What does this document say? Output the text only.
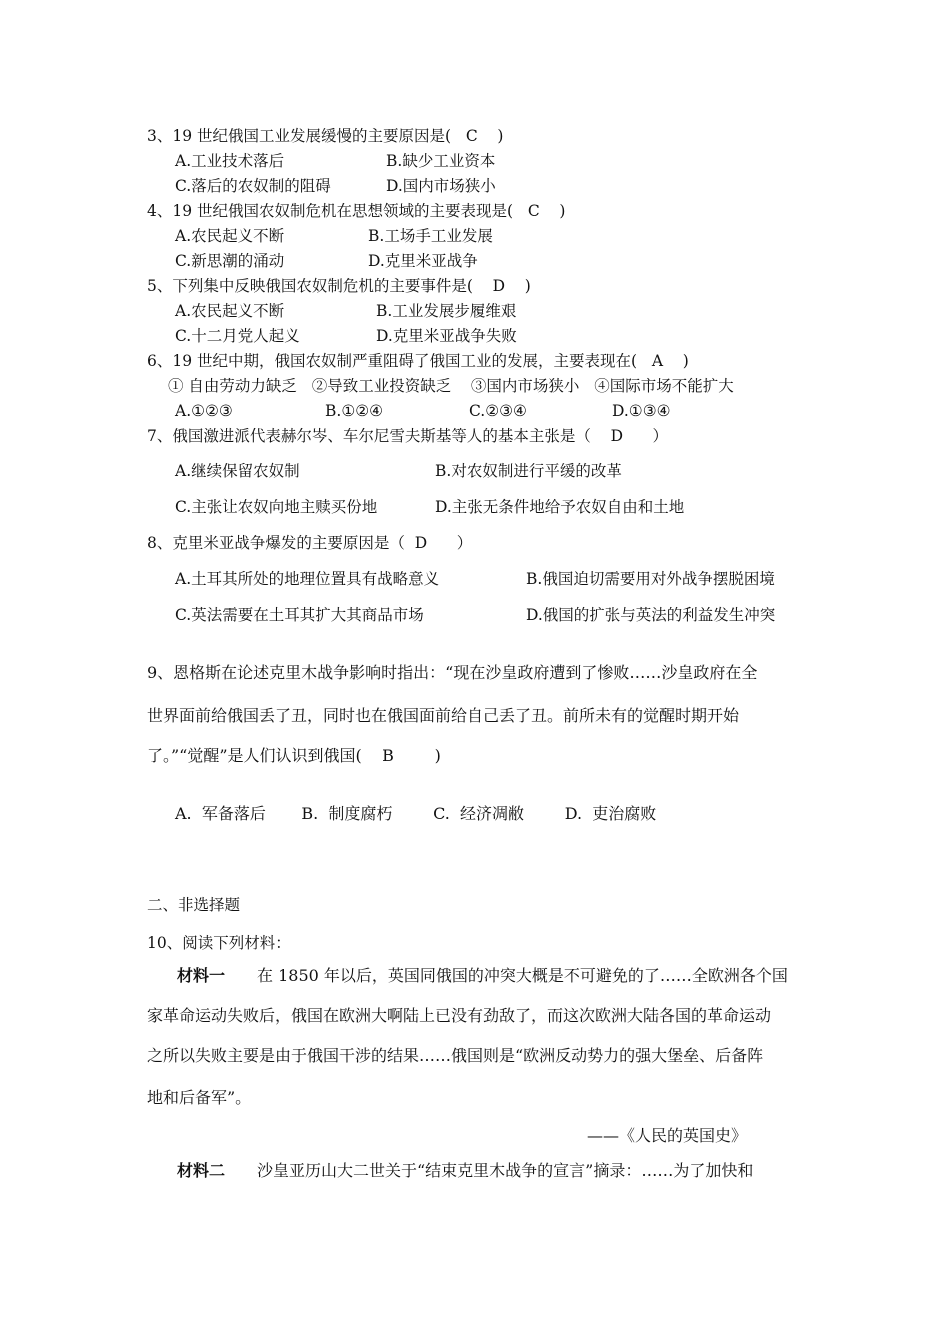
3、19 世纪俄国工业发展缓慢的主要原因是(   C    )
A.工业技术落后	B.缺少工业资本
C.落后的农奴制的阻碍	D.国内市场狭小
4、19 世纪俄国农奴制危机在思想领域的主要表现是(   C    )
A.农民起义不断	B.工场手工业发展
C.新思潮的涌动	D.克里米亚战争
5、下列集中反映俄国农奴制危机的主要事件是(    D    )
A.农民起义不断	B.工业发展步履维艰
C.十二月党人起义	D.克里米亚战争失败
6、19 世纪中期，俄国农奴制严重阻碍了俄国工业的发展，主要表现在(   A    )
① 自由劳动力缺乏   ②导致工业投资缺乏    ③国内市场狭小   ④国际市场不能扩大
A.①②③	B.①②④	C.②③④	D.①③④
7、俄国激进派代表赫尔岑、车尔尼雪夫斯基等人的基本主张是（    D      ）
A.继续保留农奴制	B.对农奴制进行平缓的改革
C.主张让农奴向地主赎买份地	D.主张无条件地给予农奴自由和土地
8、克里米亚战争爆发的主要原因是（  D      ）
A.土耳其所处的地理位置具有战略意义	B.俄国迫切需要用对外战争摆脱困境
C.英法需要在土耳其扩大其商品市场	D.俄国的扩张与英法的利益发生冲突
9、恩格斯在论述克里木战争影响时指出：“现在沙皇政府遭到了惨败……沙皇政府在全
世界面前给俄国丢了丑，同时也在俄国面前给自己丢了丑。前所未有的觉醒时期开始
了。”“觉醒”是人们认识到俄国(    B        )
A.  军备落后       B.  制度腐朽        C.  经济凋敝        D.  吏治腐败
二、非选择题
10、阅读下列材料：
材料一 在 1850 年以后，英国同俄国的冲突大概是不可避免的了……全欧洲各个国
家革命运动失败后，俄国在欧洲大啊陆上已没有劲敌了，而这次欧洲大陆各国的革命运动
之所以失败主要是由于俄国干涉的结果……俄国则是“欧洲反动势力的强大堡垒、后备阵
地和后备军”。
——《人民的英国史》
材料二 沙皇亚历山大二世关于“结束克里木战争的宣言”摘录：……为了加快和
